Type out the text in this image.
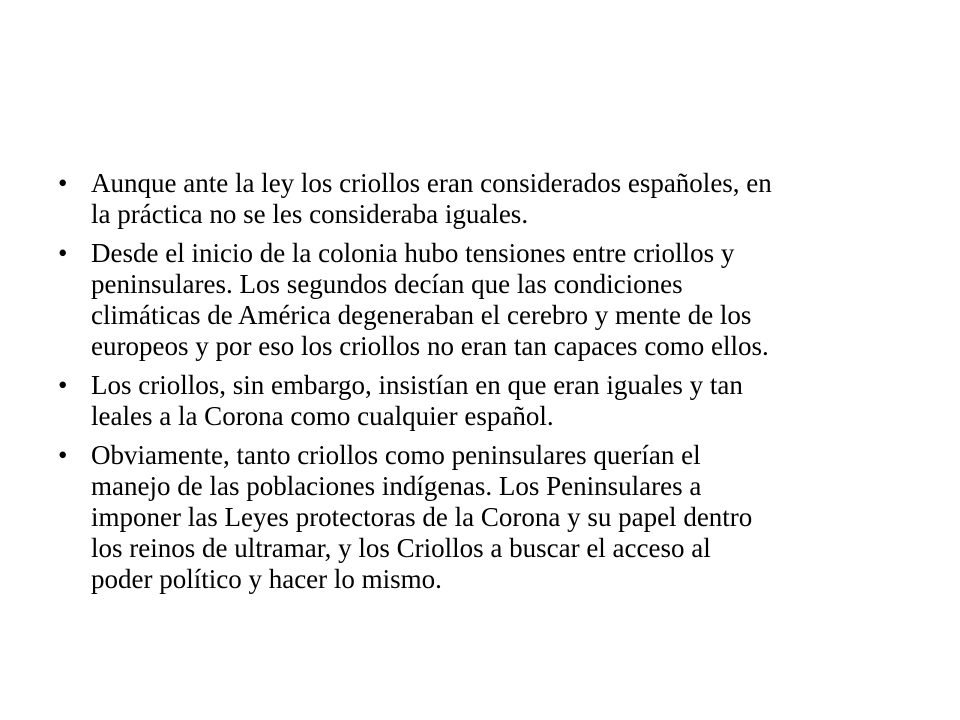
• Aunque ante la ley los criollos eran considerados españoles, en
la práctica no se les consideraba iguales.
• Desde el inicio de la colonia hubo tensiones entre criollos y
peninsulares. Los segundos decían que las condiciones
climáticas de América degeneraban el cerebro y mente de los
europeos y por eso los criollos no eran tan capaces como ellos.
• Los criollos, sin embargo, insistían en que eran iguales y tan
leales a la Corona como cualquier español.
• Obviamente, tanto criollos como peninsulares querían el
manejo de las poblaciones indígenas. Los Peninsulares a
imponer las Leyes protectoras de la Corona y su papel dentro
los reinos de ultramar, y los Criollos a buscar el acceso al
poder político y hacer lo mismo.
